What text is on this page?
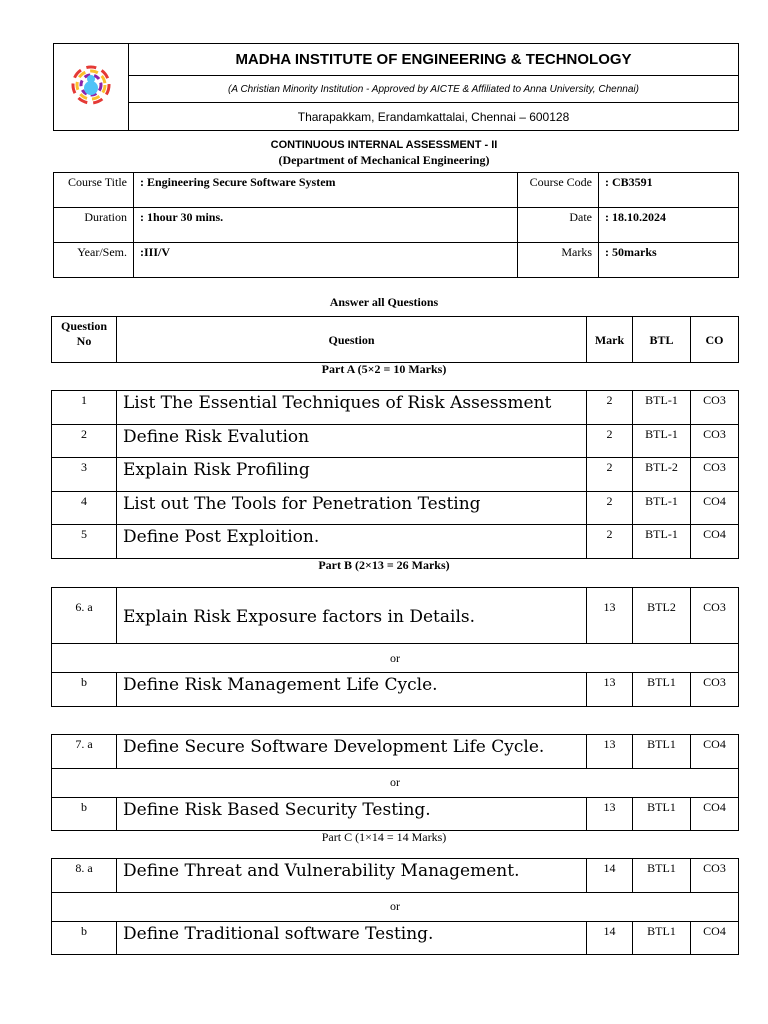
	MADHA INSTITUTE OF ENGINEERING & TECHNOLOGY
(A Christian Minority Institution - Approved by AICTE & Affiliated to Anna University, Chennai)
Tharapakkam, Erandamkattalai, Chennai – 600128
CONTINUOUS INTERNAL ASSESSMENT - II
(Department of Mechanical Engineering)
Course Title	: Engineering Secure Software System	Course Code	: CB3591
Duration	: 1hour 30 mins.	Date	: 18.10.2024
Year/Sem.	:III/V	Marks	: 50marks
Answer all Questions
Question
No	Question	Mark	BTL	CO
Part A (5×2 = 10 Marks)
1	List The Essential Techniques of Risk Assessment	2	BTL-1	CO3
2	Define Risk Evalution	2	BTL-1	CO3
3	Explain Risk Profiling	2	BTL-2	CO3
4	List out The Tools for Penetration Testing	2	BTL-1	CO4
5	Define Post Exploition.	2	BTL-1	CO4
Part B (2×13 = 26 Marks)
6. a	Explain Risk Exposure factors in Details.	13	BTL2	CO3
or				
b	Define Risk Management Life Cycle.	13	BTL1	CO3
7. a	Define Secure Software Development Life Cycle.	13	BTL1	CO4
or				
b	Define Risk Based Security Testing.	13	BTL1	CO4
Part C (1×14 = 14 Marks)
8. a	Define Threat and Vulnerability Management.	14	BTL1	CO3
or				
b	Define Traditional software Testing.	14	BTL1	CO4
